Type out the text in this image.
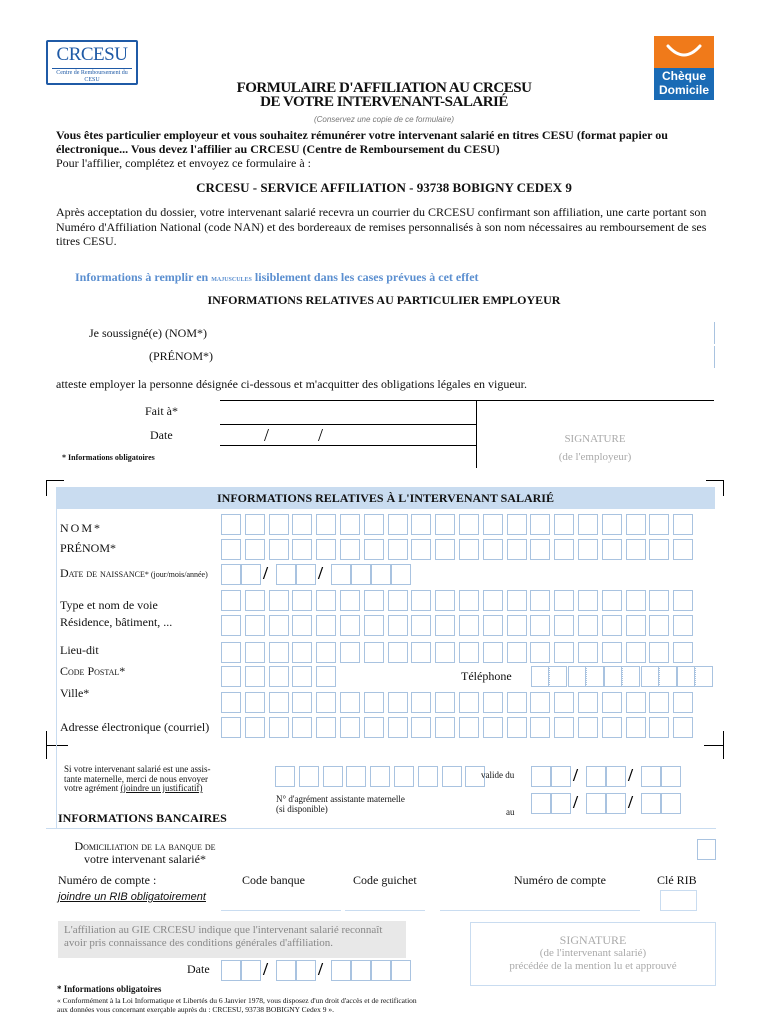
CRCESU
Centre de Remboursement du CESU	Chèque
Domicile
FORMULAIRE D'AFFILIATION AU CRCESU
DE VOTRE INTERVENANT-SALARIÉ
(Conservez une copie de ce formulaire)
Vous êtes particulier employeur et vous souhaitez rémunérer votre intervenant salarié en titres CESU (format papier ou électronique... Vous devez l'affilier au CRCESU (Centre de Remboursement du CESU)
Pour l'affilier, complétez et envoyez ce formulaire à :
CRCESU - SERVICE AFFILIATION - 93738 BOBIGNY CEDEX 9
Après acceptation du dossier, votre intervenant salarié recevra un courrier du CRCESU confirmant son affiliation, une carte portant son Numéro d'Affiliation National (code NAN) et des bordereaux de remises personnalisés à son nom nécessaires au remboursement de ses titres CESU.
Informations à remplir en majuscules lisiblement dans les cases prévues à cet effet
INFORMATIONS RELATIVES AU PARTICULIER EMPLOYEUR
Je soussigné(e) (NOM*)
(PRÉNOM*)
atteste employer la personne désignée ci-dessous et m'acquitter des obligations légales en vigueur.
Fait à*
Date	/	/
* Informations obligatoires
SIGNATURE
(de l'employeur)
INFORMATIONS RELATIVES À L'INTERVENANT SALARIÉ
NOM*
PRÉNOM*
Date de naissance* (jour/mois/année)
Type et nom de voie
Résidence, bâtiment, ...
Lieu-dit
Code Postal*	Téléphone
Ville*
Adresse électronique (courriel)
/	/
Si votre intervenant salarié est une assis-
tante maternelle, merci de nous envoyer
votre agrément (joindre un justificatif)
N° d'agrément assistante maternelle
(si disponible)
valide du	/	/
au	/	/
INFORMATIONS BANCAIRES
Domiciliation de la banque de
votre intervenant salarié*
Numéro de compte :	Code banque	Code guichet	Numéro de compte	Clé RIB
joindre un RIB obligatoirement
L'affiliation au GIE CRCESU indique que l'intervenant salarié reconnaît avoir pris connaissance des conditions générales d'affiliation.	SIGNATURE
(de l'intervenant salarié)
précédée de la mention lu et approuvé
Date	/	/
* Informations obligatoires
« Conformément à la Loi Informatique et Libertés du 6 Janvier 1978, vous disposez d'un droit d'accès et de rectification
aux données vous concernant exerçable auprès du : CRCESU, 93738 BOBIGNY Cedex 9 ».
